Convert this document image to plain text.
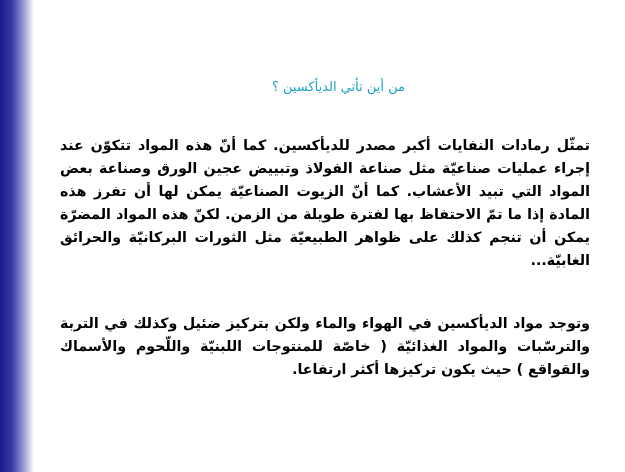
من أين تأتي الديأكسين ؟

تمثّل رمادات النفايات أكبر مصدر للديأكسين. كما أنّ هذه المواد تتكوّن عند إجراء عمليات صناعيّة مثل صناعة الفولاذ وتبييض عجين الورق وصناعة بعض المواد التي تبيد الأعشاب. كما أنّ الزيوت الصناعيّة يمكن لها أن تفرز هذه المادة إذا ما تمّ الاحتفاظ بها لفترة طويلة من الزمن. لكنّ هذه المواد المضرّة يمكن أن تنجم كذلك على ظواهر الطبيعيّة مثل الثورات البركانيّة والحرائق الغابيّة...

وتوجد مواد الديأكسين في الهواء والماء ولكن بتركيز ضئيل وكذلك في التربة والترسّبات والمواد الغذائيّة ( خاصّة للمنتوجات اللبنيّة واللّحوم والأسماك والقواقع ) حيث يكون تركيزها أكثر ارتفاعا.
